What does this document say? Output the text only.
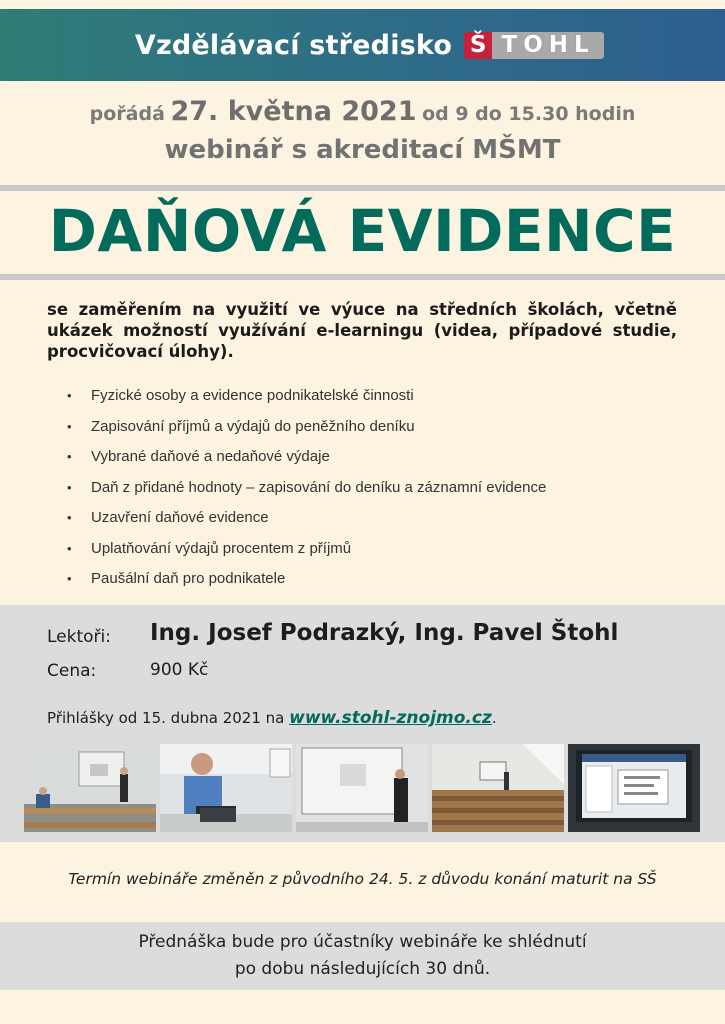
Vzdělávací středisko Š TOHL
pořádá 27. května 2021 od 9 do 15.30 hodin
webinář s akreditací MŠMT
DAŇOVÁ EVIDENCE
se zaměřením na využití ve výuce na středních školách, včetně ukázek možností využívání e-learningu (videa, případové studie, procvičovací úlohy).
• Fyzické osoby a evidence podnikatelské činnosti
• Zapisování příjmů a výdajů do peněžního deníku
• Vybrané daňové a nedaňové výdaje
• Daň z přidané hodnoty – zapisování do deníku a záznamní evidence
• Uzavření daňové evidence
• Uplatňování výdajů procentem z příjmů
• Paušální daň pro podnikatele
Lektoři: Ing. Josef Podrazký, Ing. Pavel Štohl
Cena:	900 Kč
Přihlášky od 15. dubna 2021 na www.stohl-znojmo.cz.
Termín webináře změněn z původního 24. 5. z důvodu konání maturit na SŠ
Přednáška bude pro účastníky webináře ke shlédnutí
po dobu následujících 30 dnů.
